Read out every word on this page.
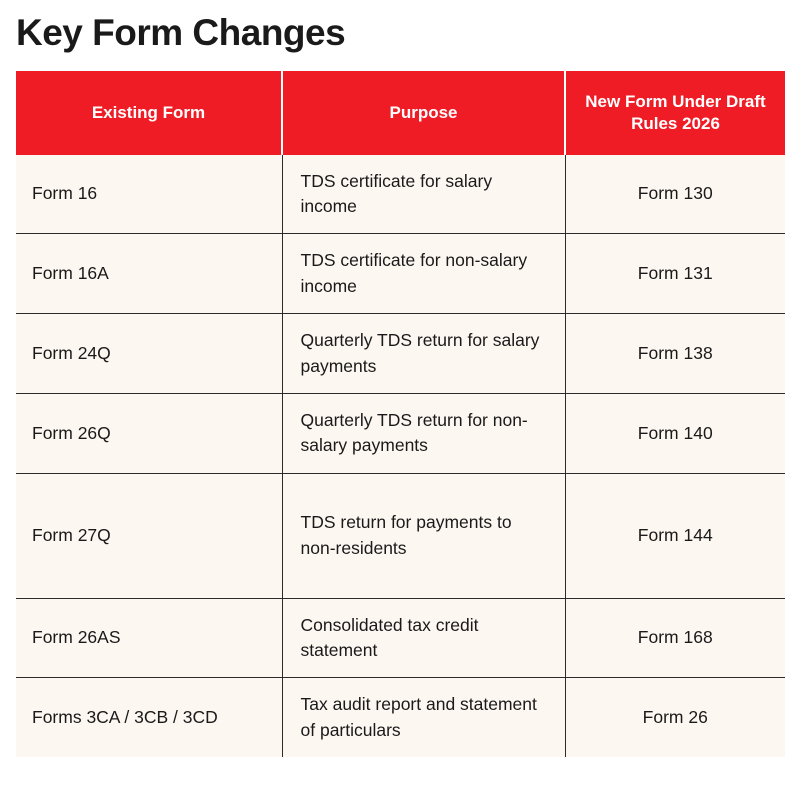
Key Form Changes
Existing Form	Purpose	New Form Under Draft Rules 2026
Form 16	TDS certificate for salary income	Form 130
Form 16A	TDS certificate for non-salary income	Form 131
Form 24Q	Quarterly TDS return for salary payments	Form 138
Form 26Q	Quarterly TDS return for non-salary payments	Form 140
Form 27Q	TDS return for payments to non-residents	Form 144
Form 26AS	Consolidated tax credit statement	Form 168
Forms 3CA / 3CB / 3CD	Tax audit report and statement of particulars	Form 26
